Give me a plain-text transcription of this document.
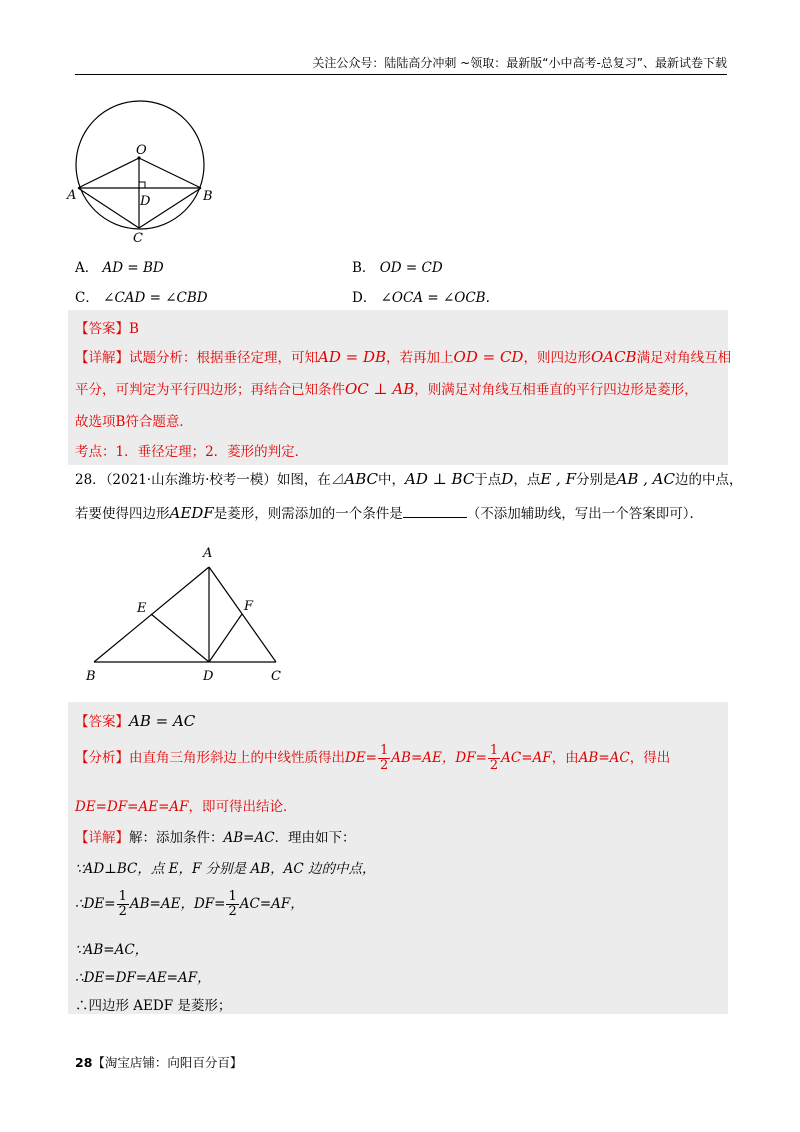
关注公众号：陆陆高分冲刺 ~领取：最新版“小中高考-总复习”、最新试卷下载
O
A	B
D
C
A． AD = BD	B． OD = CD
C． ∠CAD = ∠CBD	D． ∠OCA = ∠OCB.
【答案】B
【详解】试题分析：根据垂径定理，可知AD = DB，若再加上OD = CD，则四边形OACB满足对角线互相
平分，可判定为平行四边形；再结合已知条件OC ⊥ AB，则满足对角线互相垂直的平行四边形是菱形，
故选项B符合题意．
考点：1．垂径定理；2．菱形的判定．
28．（2021·山东潍坊·校考一模）如图，在⊿ABC中，AD ⊥ BC于点D，点E , F分别是AB , AC边的中点，
若要使得四边形AEDF是菱形，则需添加的一个条件是	（不添加辅助线，写出一个答案即可）．
A
E	F
B	D	C
【答案】AB = AC
【分析】由直角三角形斜边上的中线性质得出$DE= \frac{1}{2} AB=AE$，$DF= \frac{1}{2} AC=AF$，由AB=AC，得出
DE=DF=AE=AF，即可得出结论．
【详解】解：添加条件：AB=AC．理由如下：
∵AD⊥BC，点 E，F 分别是 AB，AC 边的中点，
∴DE= $\frac{1}{2} AB=AE$，$DF= \frac{1}{2} AC=AF$，
∵AB=AC，
∴DE=DF=AE=AF，
∴四边形 AEDF 是菱形；
28【淘宝店铺：向阳百分百】
